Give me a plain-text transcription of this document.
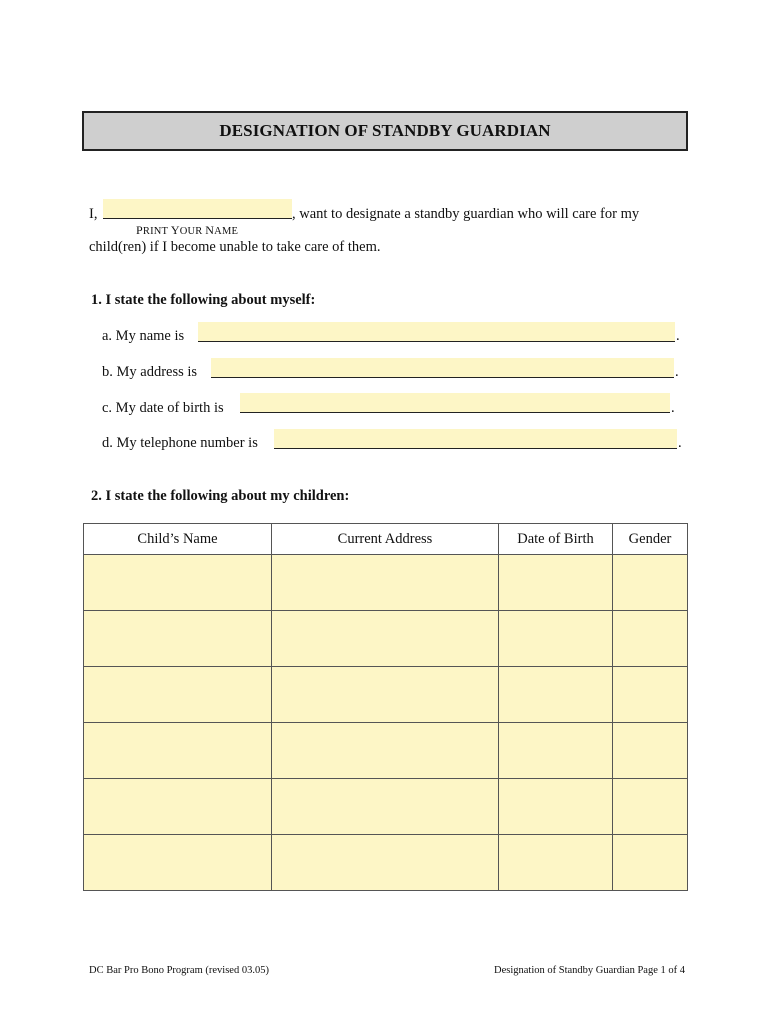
DESIGNATION OF STANDBY GUARDIAN
I,	, want to designate a standby guardian who will care for my
PRINT YOUR NAME
child(ren) if I become unable to take care of them.
1. I state the following about myself:
a. My name is	.
b. My address is	.
c. My date of birth is	.
d. My telephone number is	.
2. I state the following about my children:
Child’s Name	Current Address	Date of Birth	Gender

DC Bar Pro Bono Program (revised 03.05)	Designation of Standby Guardian Page 1 of 4
